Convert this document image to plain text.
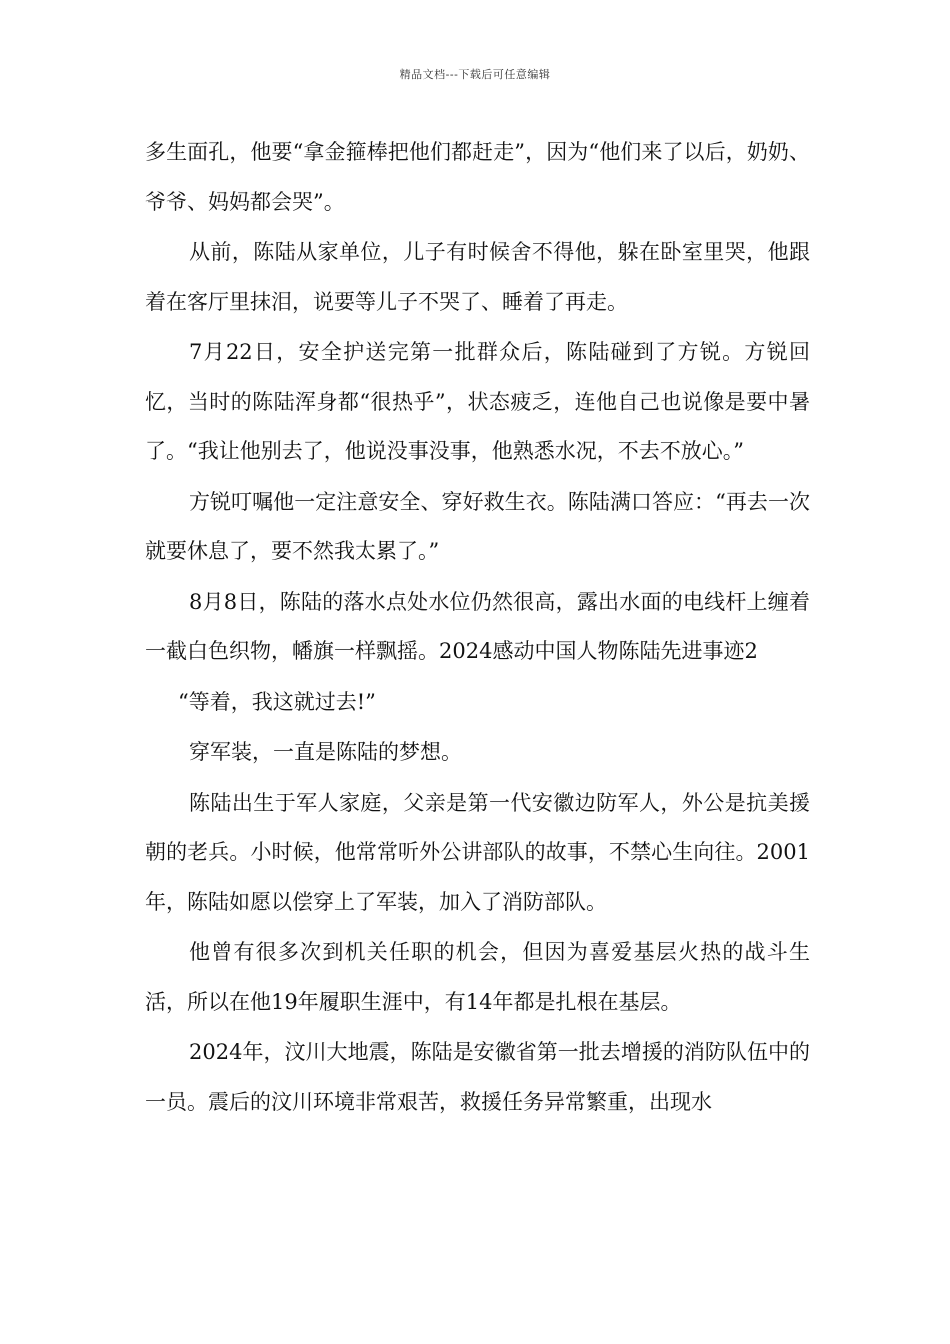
精品文档---下载后可任意编辑

多生面孔，他要“拿金箍棒把他们都赶走”，因为“他们来了以后，奶奶、爷爷、妈妈都会哭”。

从前，陈陆从家单位，儿子有时候舍不得他，躲在卧室里哭，他跟着在客厅里抹泪，说要等儿子不哭了、睡着了再走。

7月22日，安全护送完第一批群众后，陈陆碰到了方锐。方锐回忆，当时的陈陆浑身都“很热乎”，状态疲乏，连他自己也说像是要中暑了。“我让他别去了，他说没事没事，他熟悉水况，不去不放心。”

方锐叮嘱他一定注意安全、穿好救生衣。陈陆满口答应：“再去一次就要休息了，要不然我太累了。”

8月8日，陈陆的落水点处水位仍然很高，露出水面的电线杆上缠着一截白色织物，幡旗一样飘摇。2024感动中国人物陈陆先进事迹2

“等着，我这就过去!”

穿军装，一直是陈陆的梦想。

陈陆出生于军人家庭，父亲是第一代安徽边防军人，外公是抗美援朝的老兵。小时候，他常常听外公讲部队的故事，不禁心生向往。2001年，陈陆如愿以偿穿上了军装，加入了消防部队。

他曾有很多次到机关任职的机会，但因为喜爱基层火热的战斗生活，所以在他19年履职生涯中，有14年都是扎根在基层。

2024年，汶川大地震，陈陆是安徽省第一批去增援的消防队伍中的一员。震后的汶川环境非常艰苦，救援任务异常繁重，出现水
